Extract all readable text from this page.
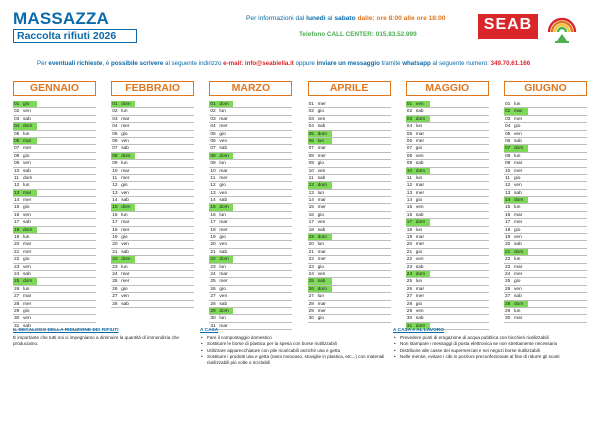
MASSAZZA
Raccolta rifiuti 2026
Per informazioni dal lunedì al sabato dalle: ore 8:00 alle ore 18:00
Telefono CALL CENTER: 015.83.52.999
SEAB
Per eventuali richieste, è possibile scrivere al seguente indirizzo e-mail: info@seabiella.it oppure inviare un messaggio tramite whatsapp al seguente numero: 349.70.61.166
GENNAIO
01 gio
02 ven
03 sab
04 dom
05 lun
06 mar
07 mer
08 gio
09 ven
10 sab
11 dom
12 lun
13 mar
14 mer
15 gio
16 ven
17 sab
18 dom
19 lun
20 mar
21 mer
22 gio
23 ven
24 sab
25 dom
26 lun
27 mar
28 mer
29 gio
30 ven
31 sab
FEBBRAIO
01 dom
02 lun
03 mar
04 mer
05 gio
06 ven
07 sab
08 dom
09 lun
10 mar
11 mer
12 gio
13 ven
14 sab
15 dom
16 lun
17 mar
18 mer
19 gio
20 ven
21 sab
22 dom
23 lun
24 mar
25 mer
26 gio
27 ven
28 sab
MARZO
01 dom
02 lun
03 mar
04 mer
05 gio
06 ven
07 sab
08 dom
09 lun
10 mar
11 mer
12 gio
13 ven
14 sab
15 dom
16 lun
17 mar
18 mer
19 gio
20 ven
21 sab
22 dom
23 lun
24 mar
25 mer
26 gio
27 ven
28 sab
29 dom
30 lun
31 mar
APRILE
01 mer
02 gio
03 ven
04 sab
05 dom
06 lun
07 mar
08 mer
09 gio
10 ven
11 sab
12 dom
13 lun
14 mar
15 mer
16 gio
17 ven
18 sab
19 dom
20 lun
21 mar
22 mer
23 gio
24 ven
25 sab
26 dom
27 lun
28 mar
29 mer
30 gio
MAGGIO
01 ven
02 sab
03 dom
04 lun
05 mar
06 mer
07 gio
08 ven
09 sab
10 dom
11 lun
12 mar
13 mer
14 gio
15 ven
16 sab
17 dom
18 lun
19 mar
20 mer
21 gio
22 ven
23 sab
24 dom
25 lun
26 mar
27 mer
28 gio
29 ven
30 sab
31 dom
GIUGNO
01 lun
02 mar
03 mer
04 gio
05 ven
06 sab
07 dom
08 lun
09 mar
10 mer
11 gio
12 ven
13 sab
14 dom
15 lun
16 mar
17 mer
18 gio
19 ven
20 sab
21 dom
22 lun
23 mar
24 mer
25 gio
26 ven
27 sab
28 dom
29 lun
30 mar
IL DECALOGO DELLA RIDUZIONE DEI RIFIUTI
È importante che tutti noi ci impegniamo a diminuire la quantità di immondizia che produciamo.
A CASA
• Fare il compostaggio domestico
• Sostituire le borse di plastica per la spesa con borse riutilizzabili
• Utilizzare apparecchiature con pile ricaricabili anziché usa e getta
• Sostituire i prodotti usa e getta (rasoi monouso, stoviglie in plastica, etc...) con materiali riutilizzabili più volte o riciclabili
A CASA e AL LAVORO
• Prevedere punti di erogazione di acqua pubblica con bicchieri riutilizzabili
• Non stampare i messaggi di posta elettronica se non strettamente necessario
• Distribuire alle casse dei supermercati e nei negozi borse riutilizzabili
• Nelle mense, evitare i cibi in porzioni preconfezionate al fine di ridurre gli scarti
